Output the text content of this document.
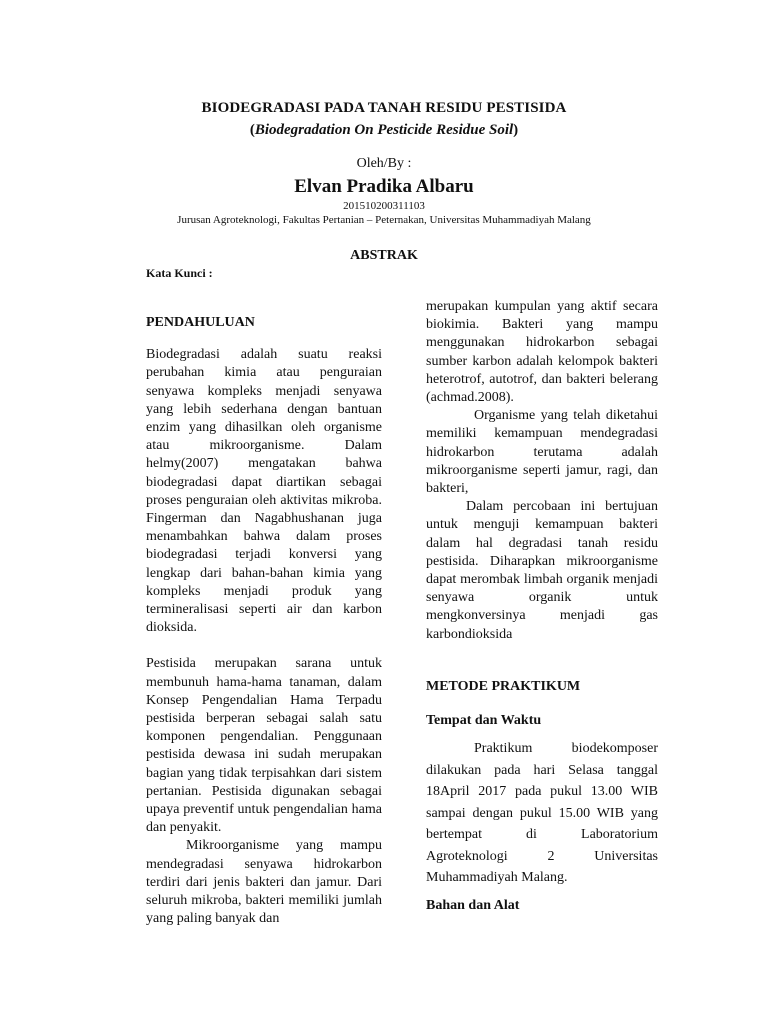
BIODEGRADASI PADA TANAH RESIDU PESTISIDA
(Biodegradation On Pesticide Residue Soil)
Oleh/By :
Elvan Pradika Albaru
201510200311103
Jurusan Agroteknologi, Fakultas Pertanian – Peternakan, Universitas Muhammadiyah Malang
ABSTRAK
Kata Kunci :
PENDAHULUAN

Biodegradasi adalah suatu reaksi perubahan kimia atau penguraian senyawa kompleks menjadi senyawa yang lebih sederhana dengan bantuan enzim yang dihasilkan oleh organisme atau mikroorganisme. Dalam helmy(2007) mengatakan bahwa biodegradasi dapat diartikan sebagai proses penguraian oleh aktivitas mikroba. Fingerman dan Nagabhushanan juga menambahkan bahwa dalam proses biodegradasi terjadi konversi yang lengkap dari bahan-bahan kimia yang kompleks menjadi produk yang termineralisasi seperti air dan karbon dioksida.

Pestisida merupakan sarana untuk membunuh hama-hama tanaman, dalam Konsep Pengendalian Hama Terpadu pestisida berperan sebagai salah satu komponen pengendalian. Penggunaan pestisida dewasa ini sudah merupakan bagian yang tidak terpisahkan dari sistem pertanian. Pestisida digunakan sebagai upaya preventif untuk pengendalian hama dan penyakit.

Mikroorganisme yang mampu mendegradasi senyawa hidrokarbon terdiri dari jenis bakteri dan jamur. Dari seluruh mikroba, bakteri memiliki jumlah yang paling banyak dan

merupakan kumpulan yang aktif secara biokimia. Bakteri yang mampu menggunakan hidrokarbon sebagai sumber karbon adalah kelompok bakteri heterotrof, autotrof, dan bakteri belerang (achmad.2008).

Organisme yang telah diketahui memiliki kemampuan mendegradasi hidrokarbon terutama adalah mikroorganisme seperti jamur, ragi, dan bakteri,

Dalam percobaan ini bertujuan untuk menguji kemampuan bakteri dalam hal degradasi tanah residu pestisida. Diharapkan mikroorganisme dapat merombak limbah organik menjadi senyawa organik untuk mengkonversinya menjadi gas karbondioksida

METODE PRAKTIKUM
Tempat dan Waktu

Praktikum biodekomposer dilakukan pada hari Selasa tanggal 18April 2017 pada pukul 13.00 WIB sampai dengan pukul 15.00 WIB yang bertempat di Laboratorium Agroteknologi 2 Universitas Muhammadiyah Malang.

Bahan dan Alat
